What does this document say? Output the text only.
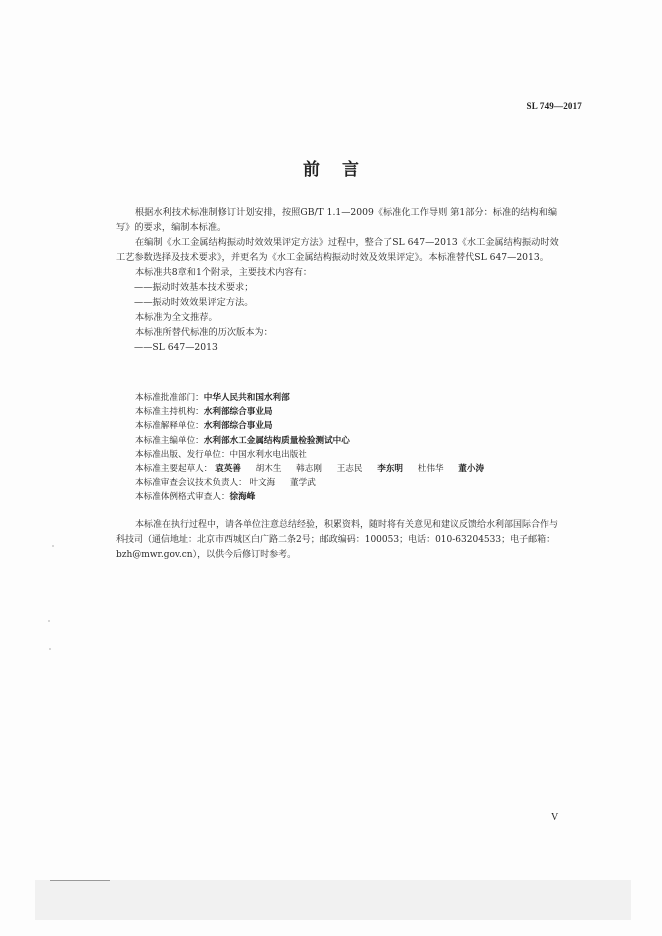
SL 749—2017
前言

根据水利技术标准制修订计划安排，按照GB/T 1.1—2009《标准化工作导则 第1部分：标准的结构和编写》的要求，编制本标准。

在编制《水工金属结构振动时效效果评定方法》过程中，整合了SL 647—2013《水工金属结构振动时效工艺参数选择及技术要求》，并更名为《水工金属结构振动时效及效果评定》。本标准替代SL 647—2013。

本标准共8章和1个附录，主要技术内容有：

——振动时效基本技术要求；

——振动时效效果评定方法。

本标准为全文推荐。

本标准所替代标准的历次版本为：

——SL 647—2013

本标准批准部门：中华人民共和国水利部
本标准主持机构：水利部综合事业局
本标准解释单位：水利部综合事业局
本标准主编单位：水利部水工金属结构质量检验测试中心
本标准出版、发行单位：中国水利水电出版社
本标准主要起草人： 袁英善 胡木生 韩志刚 王志民 李东明 杜伟华 董小涛
本标准审查会议技术负责人： 叶文海 董学武
本标准体例格式审查人：徐海峰

本标准在执行过程中，请各单位注意总结经验，积累资料，随时将有关意见和建议反馈给水利部国际合作与科技司（通信地址：北京市西城区白广路二条2号；邮政编码：100053；电话：010-63204533；电子邮箱：bzh@mwr.gov.cn），以供今后修订时参考。

V
